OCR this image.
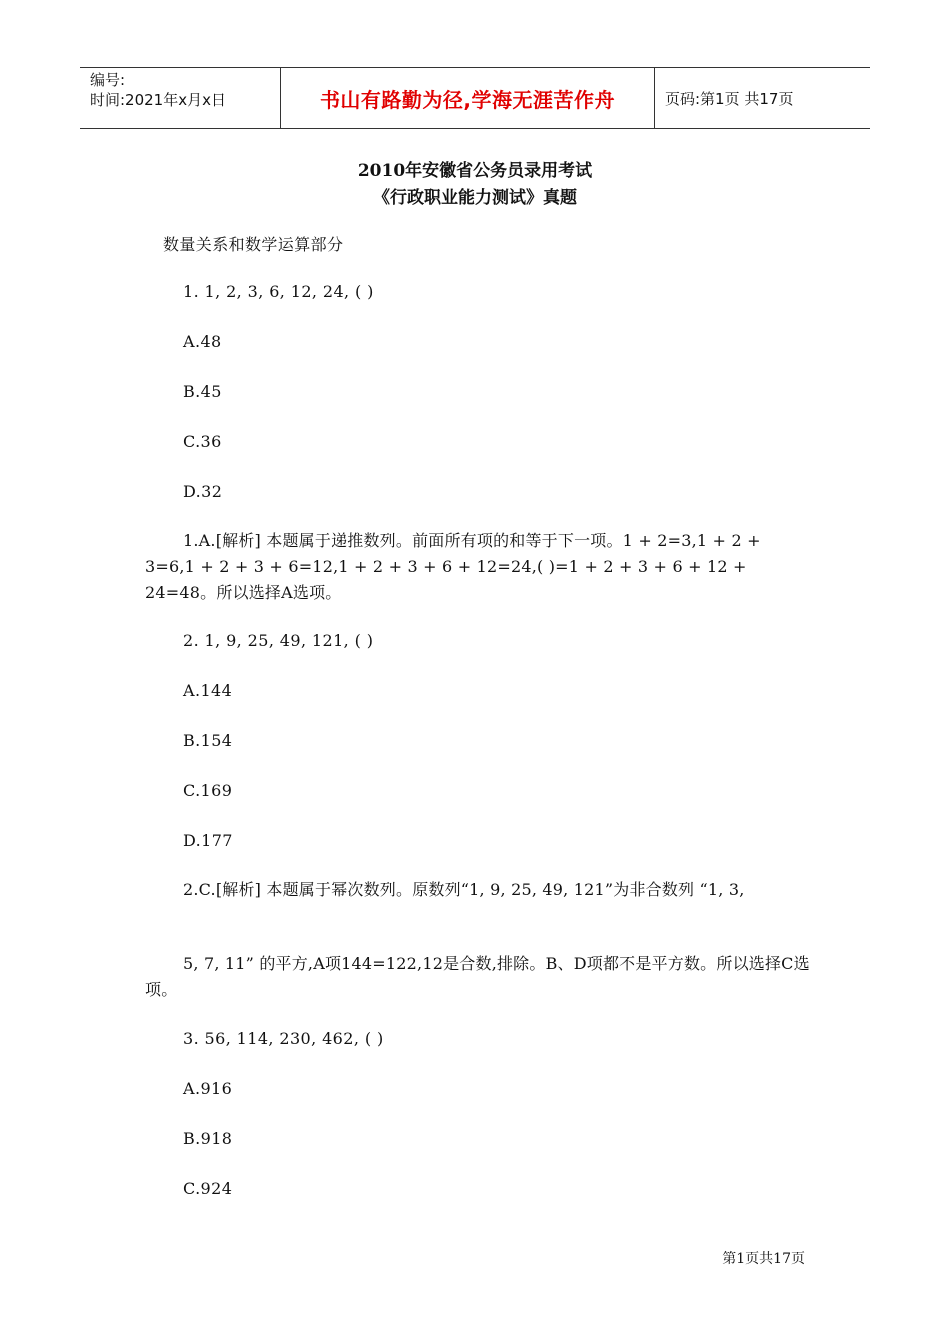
编号:
时间:2021年x月x日	书山有路勤为径,学海无涯苦作舟	页码:第1页 共17页
2010年安徽省公务员录用考试
《行政职业能力测试》真题
数量关系和数学运算部分
1. 1, 2, 3, 6, 12, 24, ( )
A.48
B.45
C.36
D.32
1.A.[解析] 本题属于递推数列。前面所有项的和等于下一项。1 + 2=3,1 + 2 + 3=6,1 + 2 + 3 + 6=12,1 + 2 + 3 + 6 + 12=24,( )=1 + 2 + 3 + 6 + 12 + 24=48。所以选择A选项。
2. 1, 9, 25, 49, 121, ( )
A.144
B.154
C.169
D.177
2.C.[解析] 本题属于幂次数列。原数列“1, 9, 25, 49, 121”为非合数列 “1, 3,
5, 7, 11” 的平方,A项144=122,12是合数,排除。B、D项都不是平方数。所以选择C选项。
3. 56, 114, 230, 462, ( )
A.916
B.918
C.924
第1页共17页
